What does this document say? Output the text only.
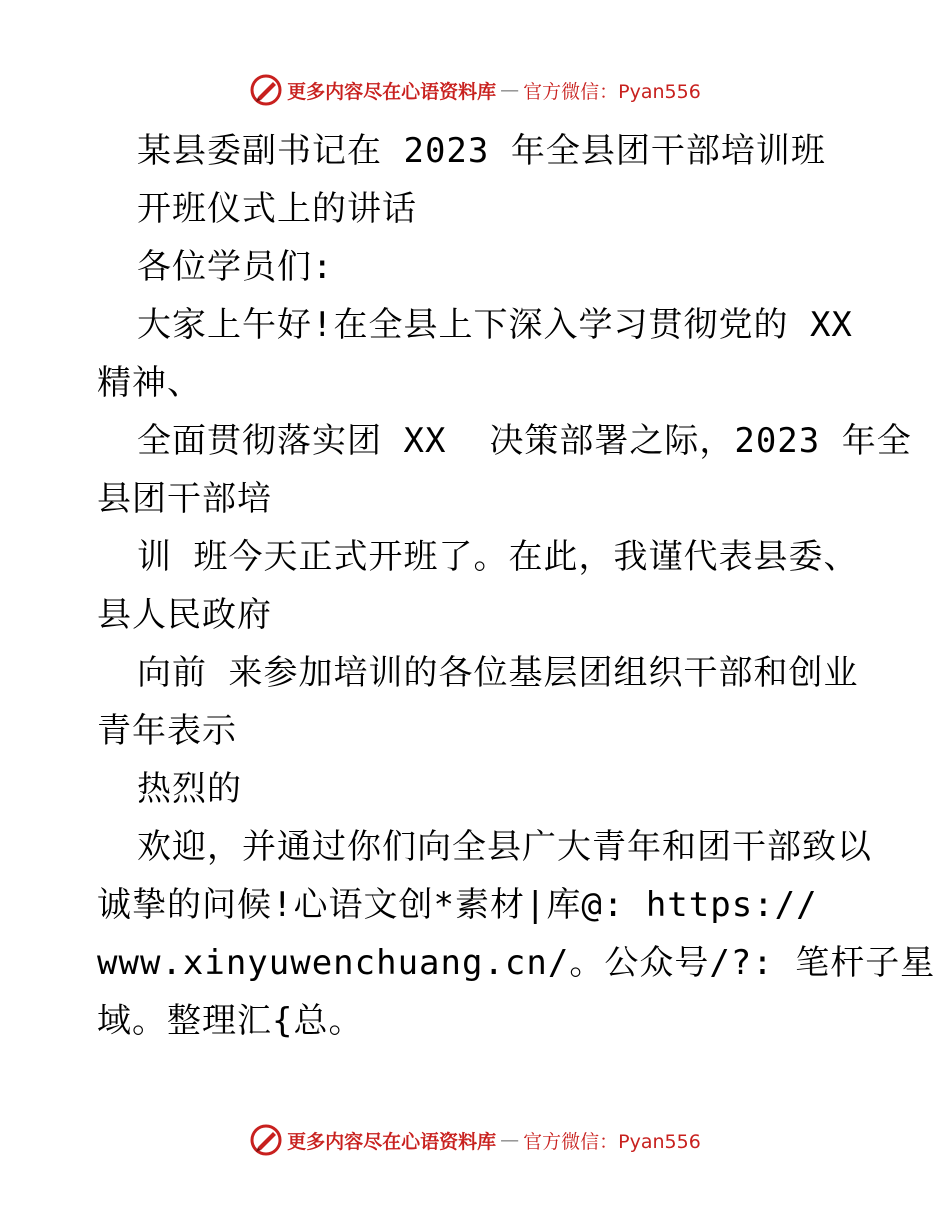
更多内容尽在心语资料库 — 官方微信：Pyan556
某县委副书记在 2023 年全县团干部培训班
开班仪式上的讲话
各位学员们:
大家上午好!在全县上下深入学习贯彻党的 XX
精神、
全面贯彻落实团 XX  决策部署之际，2023 年全
县团干部培
训 班今天正式开班了。在此，我谨代表县委、
县人民政府
向前 来参加培训的各位基层团组织干部和创业
青年表示
热烈的
欢迎，并通过你们向全县广大青年和团干部致以
诚挚的问候!心语文创*素材|库@: https://
www.xinyuwenchuang.cn/。公众号/?: 笔杆子星
域。整理汇{总。
更多内容尽在心语资料库 — 官方微信：Pyan556
